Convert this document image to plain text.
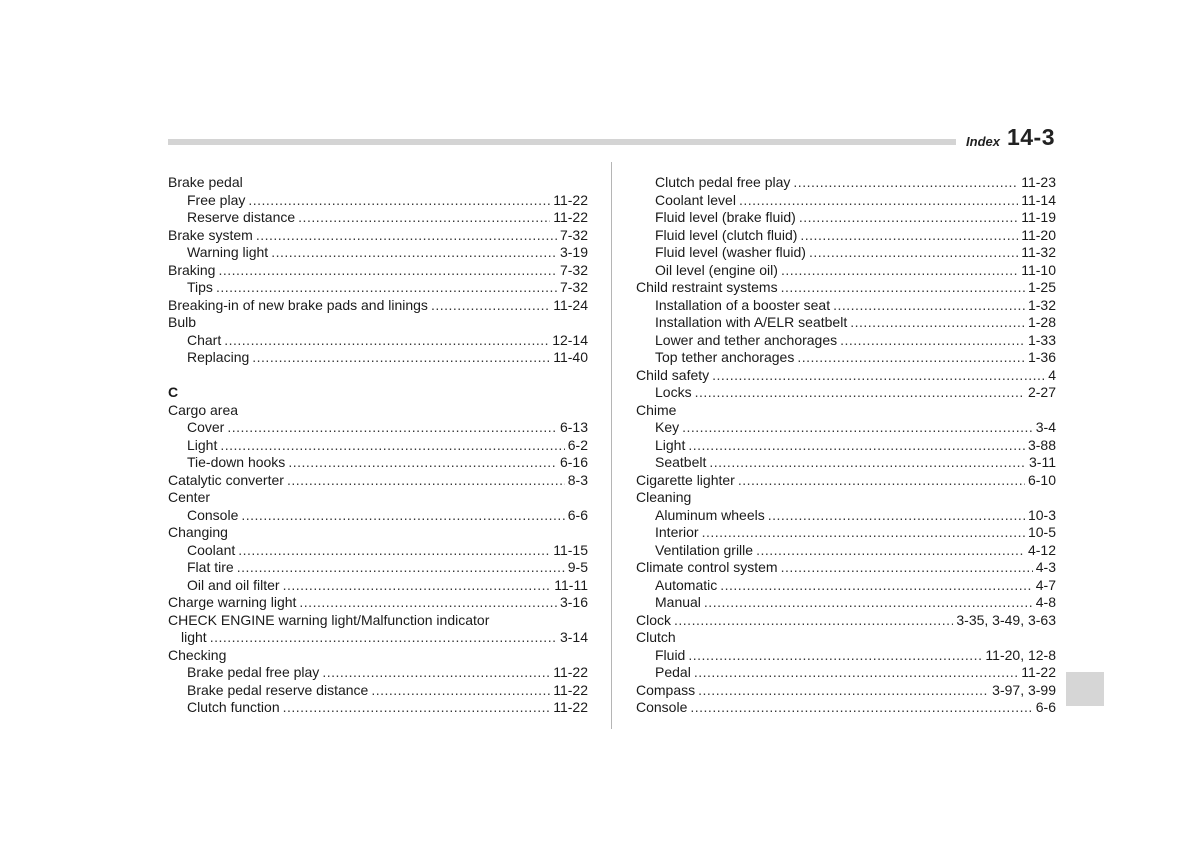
Index 14-3
Brake pedal
Free play .....	11-22
Reserve distance .....	11-22
Brake system .....	7-32
Warning light .....	3-19
Braking .....	7-32
Tips .....	7-32
Breaking-in of new brake pads and linings .....	11-24
Bulb
Chart .....	12-14
Replacing .....	11-40
C
Cargo area
Cover .....	6-13
Light .....	6-2
Tie-down hooks .....	6-16
Catalytic converter .....	8-3
Center
Console .....	6-6
Changing
Coolant .....	11-15
Flat tire .....	9-5
Oil and oil filter .....	11-11
Charge warning light .....	3-16
CHECK ENGINE warning light/Malfunction indicator
light .....	3-14
Checking
Brake pedal free play .....	11-22
Brake pedal reserve distance .....	11-22
Clutch function .....	11-22
Clutch pedal free play .....	11-23
Coolant level .....	11-14
Fluid level (brake fluid) .....	11-19
Fluid level (clutch fluid) .....	11-20
Fluid level (washer fluid) .....	11-32
Oil level (engine oil) .....	11-10
Child restraint systems .....	1-25
Installation of a booster seat .....	1-32
Installation with A/ELR seatbelt .....	1-28
Lower and tether anchorages .....	1-33
Top tether anchorages .....	1-36
Child safety .....	4
Locks .....	2-27
Chime
Key .....	3-4
Light .....	3-88
Seatbelt .....	3-11
Cigarette lighter .....	6-10
Cleaning
Aluminum wheels .....	10-3
Interior .....	10-5
Ventilation grille .....	4-12
Climate control system .....	4-3
Automatic .....	4-7
Manual .....	4-8
Clock .....	3-35, 3-49, 3-63
Clutch
Fluid .....	11-20, 12-8
Pedal .....	11-22
Compass .....	3-97, 3-99
Console .....	6-6
